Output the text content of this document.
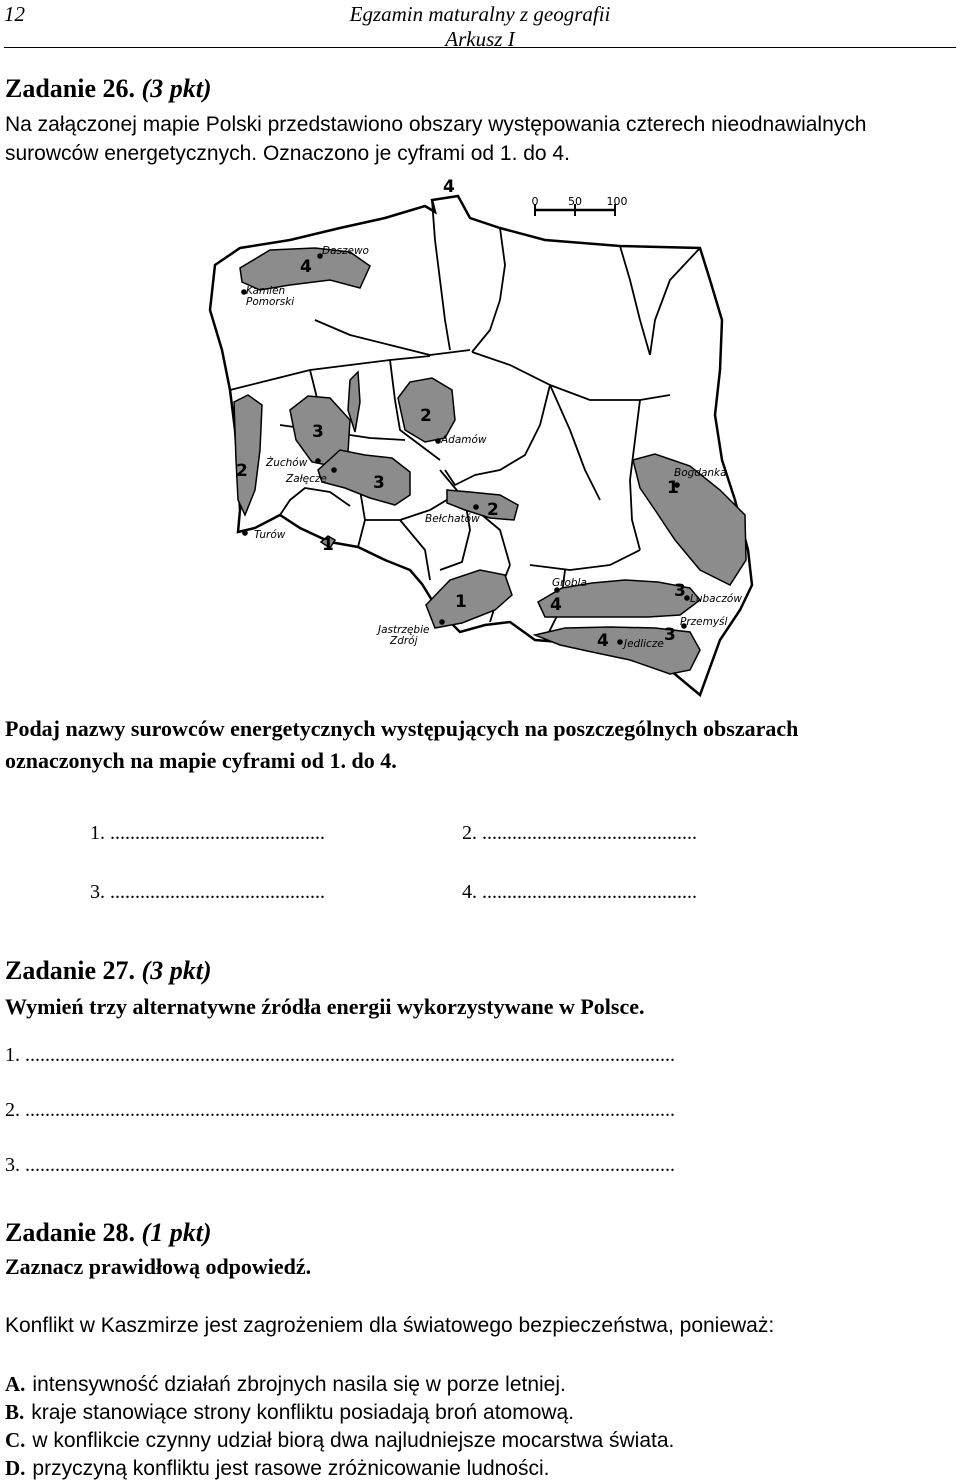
12	Egzamin maturalny z geografii
Arkusz I
Zadanie 26. (3 pkt)
Na załączonej mapie Polski przedstawiono obszary występowania czterech nieodnawialnych
surowców energetycznych. Oznaczono je cyframi od 1. do 4.
0	50 100
Daszewo
Kamień
Pomorski
Żuchów
Załęcze
Turów
Adamów
Bełchatów
Bogdanka
Grobla
Lubaczów
Przemyśl
Jedlicze
Jastrzębie
Zdrój
4
4
3
2
3
2
2
1
1
1	4
3
3
4
Podaj nazwy surowców energetycznych występujących na poszczególnych obszarach
oznaczonych na mapie cyframi od 1. do 4.
1. ...........................................	2. ...........................................
3. ...........................................	4. ...........................................
Zadanie 27. (3 pkt)
Wymień trzy alternatywne źródła energii wykorzystywane w Polsce.
1. ..................................................................................................................................
2. ..................................................................................................................................
3. ..................................................................................................................................
Zadanie 28. (1 pkt)
Zaznacz prawidłową odpowiedź.
Konflikt w Kaszmirze jest zagrożeniem dla światowego bezpieczeństwa, ponieważ:
A. intensywność działań zbrojnych nasila się w porze letniej.
B. kraje stanowiące strony konfliktu posiadają broń atomową.
C. w konflikcie czynny udział biorą dwa najludniejsze mocarstwa świata.
D. przyczyną konfliktu jest rasowe zróżnicowanie ludności.
